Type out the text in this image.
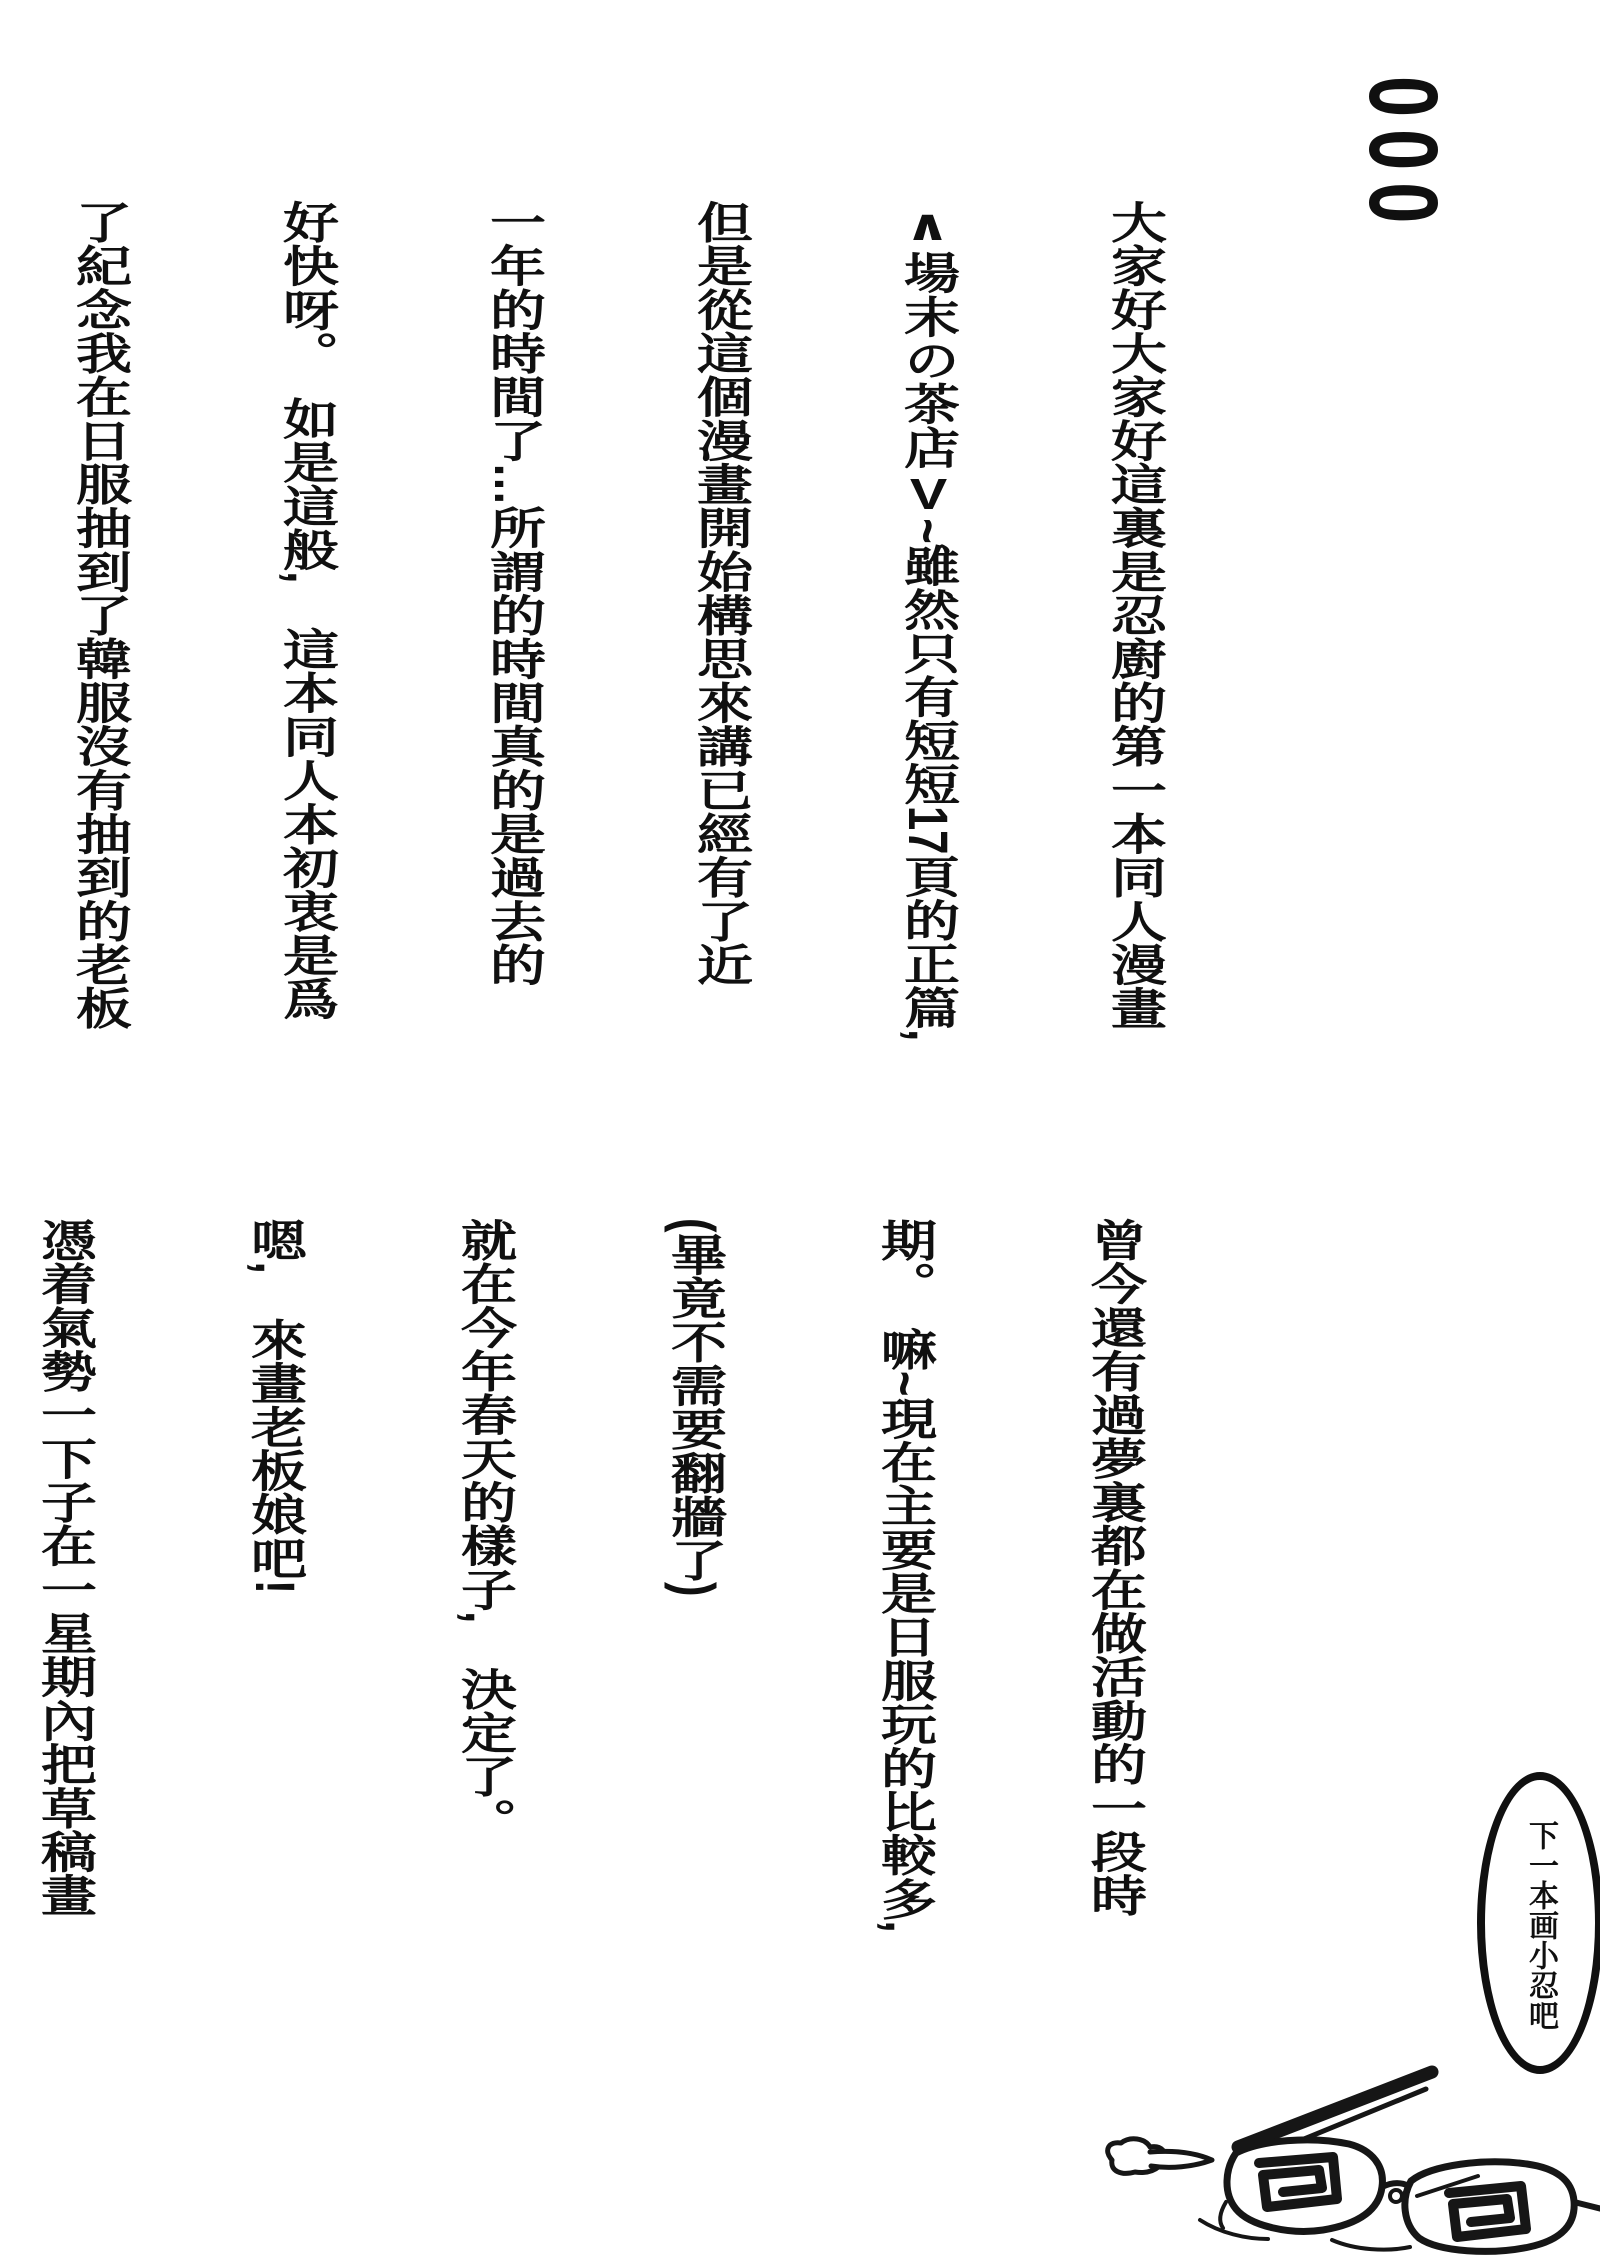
000

大家好大家好這裏是忍廚的第一本同人漫畫

∧場末の茶店V~雖然只有短短17頁的正篇,

但是從這個漫畫開始構思來講已經有了近

一年的時間了…所謂的時間真的是過去的

好快呀。　如是這般,　這本同人本初衷是爲

了紀念我在日服抽到了韓服沒有抽到的老板

曾今還有過夢裏都在做活動的一段時

期。　嘛~現在主要是日服玩的比較多,

(畢竟不需要翻牆了)

就在今年春天的樣子,　決定了。

嗯,　來畫老板娘吧!

憑着氣勢一下子在一星期內把草稿畫

下一本画小忍吧
